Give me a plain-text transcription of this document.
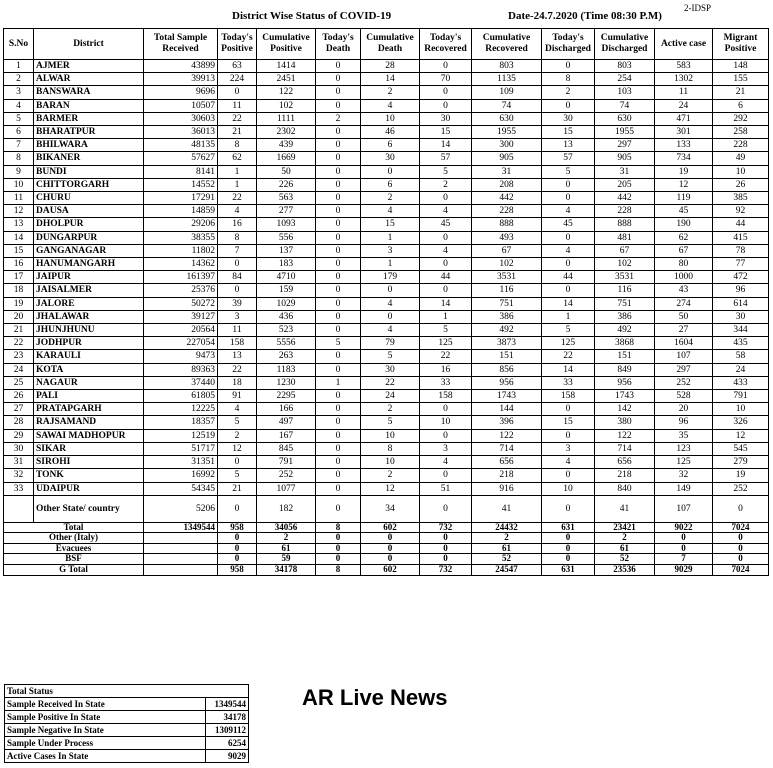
2-IDSP
District Wise Status of COVID-19	Date-24.7.2020 (Time 08:30 P.M)
S.No	District	Total Sample Received	Today's Positive	Cumulative Positive	Today's Death	Cumulative Death	Today's Recovered	Cumulative Recovered	Today's Discharged	Cumulative Discharged	Active case	Migrant Positive
1	AJMER	43899	63	1414	0	28	0	803	0	803	583	148
2	ALWAR	39913	224	2451	0	14	70	1135	8	254	1302	155
3	BANSWARA	9696	0	122	0	2	0	109	2	103	11	21
4	BARAN	10507	11	102	0	4	0	74	0	74	24	6
5	BARMER	30603	22	1111	2	10	30	630	30	630	471	292
6	BHARATPUR	36013	21	2302	0	46	15	1955	15	1955	301	258
7	BHILWARA	48135	8	439	0	6	14	300	13	297	133	228
8	BIKANER	57627	62	1669	0	30	57	905	57	905	734	49
9	BUNDI	8141	1	50	0	0	5	31	5	31	19	10
10	CHITTORGARH	14552	1	226	0	6	2	208	0	205	12	26
11	CHURU	17291	22	563	0	2	0	442	0	442	119	385
12	DAUSA	14859	4	277	0	4	4	228	4	228	45	92
13	DHOLPUR	29206	16	1093	0	15	45	888	45	888	190	44
14	DUNGARPUR	38355	8	556	0	1	0	493	0	481	62	415
15	GANGANAGAR	11802	7	137	0	3	4	67	4	67	67	78
16	HANUMANGARH	14362	0	183	0	1	0	102	0	102	80	77
17	JAIPUR	161397	84	4710	0	179	44	3531	44	3531	1000	472
18	JAISALMER	25376	0	159	0	0	0	116	0	116	43	96
19	JALORE	50272	39	1029	0	4	14	751	14	751	274	614
20	JHALAWAR	39127	3	436	0	0	1	386	1	386	50	30
21	JHUNJHUNU	20564	11	523	0	4	5	492	5	492	27	344
22	JODHPUR	227054	158	5556	5	79	125	3873	125	3868	1604	435
23	KARAULI	9473	13	263	0	5	22	151	22	151	107	58
24	KOTA	89363	22	1183	0	30	16	856	14	849	297	24
25	NAGAUR	37440	18	1230	1	22	33	956	33	956	252	433
26	PALI	61805	91	2295	0	24	158	1743	158	1743	528	791
27	PRATAPGARH	12225	4	166	0	2	0	144	0	142	20	10
28	RAJSAMAND	18357	5	497	0	5	10	396	15	380	96	326
29	SAWAI MADHOPUR	12519	2	167	0	10	0	122	0	122	35	12
30	SIKAR	51717	12	845	0	8	3	714	3	714	123	545
31	SIROHI	31351	0	791	0	10	4	656	4	656	125	279
32	TONK	16992	5	252	0	2	0	218	0	218	32	19
33	UDAIPUR	54345	21	1077	0	12	51	916	10	840	149	252
	Other State/ country	5206	0	182	0	34	0	41	0	41	107	0
Total		1349544	958	34056	8	602	732	24432	631	23421	9022	7024
Other (Italy)			0	2	0	0	0	2	0	2	0	0
Evacuees			0	61	0	0	0	61	0	61	0	0
BSF			0	59	0	0	0	52	0	52	7	0
G Total			958	34178	8	602	732	24547	631	23536	9029	7024
Total Status	
Sample Received In State	1349544
Sample Positive In State	34178
Sample Negative In State	1309112
Sample Under Process	6254
Active Cases In State	9029
AR Live News
